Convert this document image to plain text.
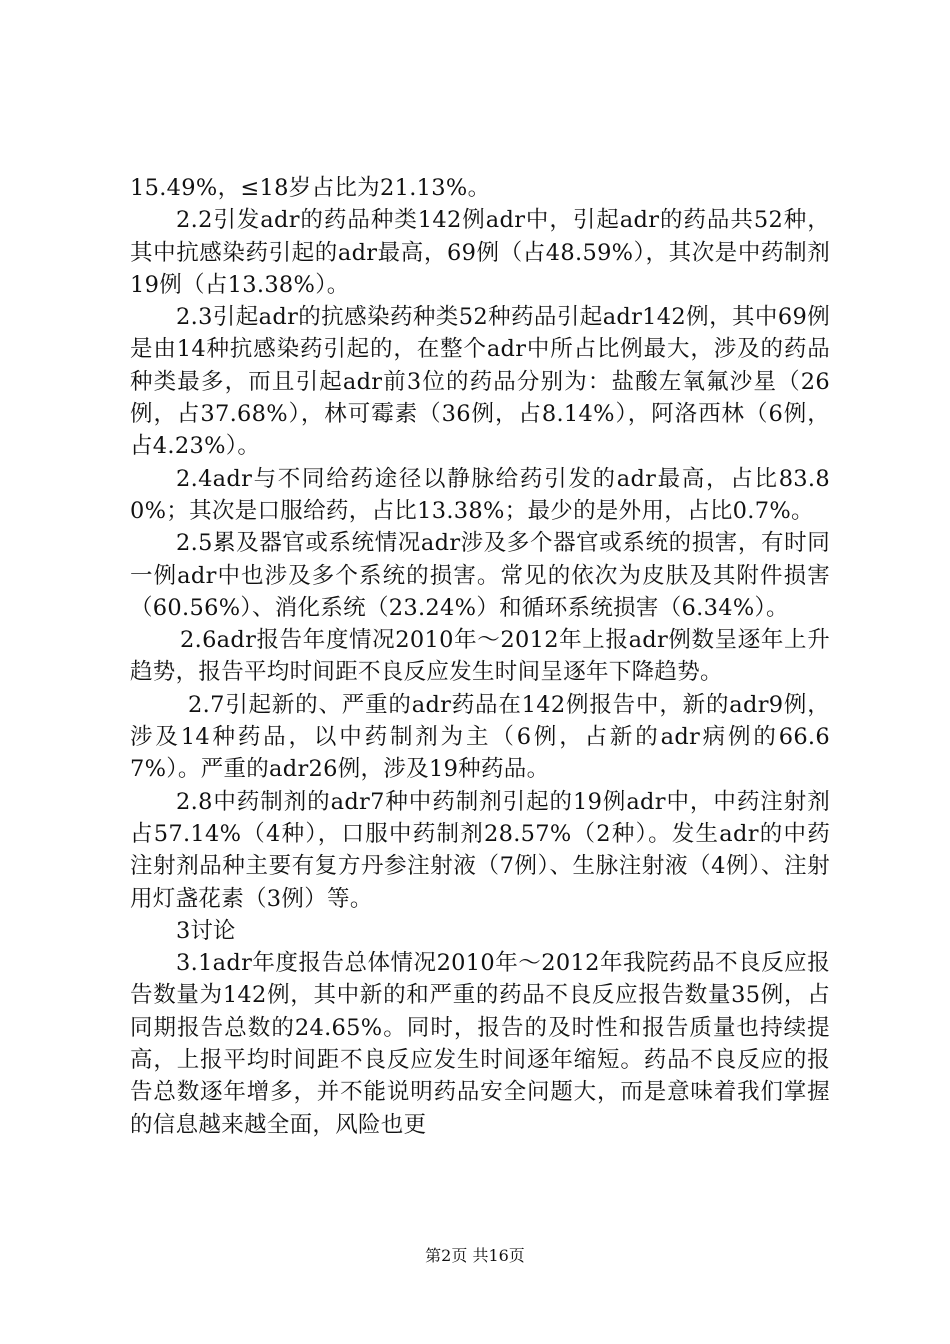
15.49%，≤18岁占比为21.13%。

2.2引发adr的药品种类142例adr中，引起adr的药品共52种，其中抗感染药引起的adr最高，69例（占48.59%），其次是中药制剂19例（占13.38%）。

2.3引起adr的抗感染药种类52种药品引起adr142例，其中69例是由14种抗感染药引起的，在整个adr中所占比例最大，涉及的药品种类最多，而且引起adr前3位的药品分别为：盐酸左氧氟沙星（26例，占37.68%），林可霉素（36例，占8.14%），阿洛西林（6例，占4.23%）。

2.4adr与不同给药途径以静脉给药引发的adr最高，占比83.80%；其次是口服给药，占比13.38%；最少的是外用，占比0.7%。

2.5累及器官或系统情况adr涉及多个器官或系统的损害，有时同一例adr中也涉及多个系统的损害。常见的依次为皮肤及其附件损害（60.56%）、消化系统（23.24%）和循环系统损害（6.34%）。

2.6adr报告年度情况2010年～2012年上报adr例数呈逐年上升趋势，报告平均时间距不良反应发生时间呈逐年下降趋势。

2.7引起新的、严重的adr药品在142例报告中，新的adr9例，涉及14种药品，以中药制剂为主（6例，占新的adr病例的66.67%）。严重的adr26例，涉及19种药品。

2.8中药制剂的adr7种中药制剂引起的19例adr中，中药注射剂占57.14%（4种），口服中药制剂28.57%（2种）。发生adr的中药注射剂品种主要有复方丹参注射液（7例）、生脉注射液（4例）、注射用灯盏花素（3例）等。

3讨论

3.1adr年度报告总体情况2010年～2012年我院药品不良反应报告数量为142例，其中新的和严重的药品不良反应报告数量35例，占同期报告总数的24.65%。同时，报告的及时性和报告质量也持续提高，上报平均时间距不良反应发生时间逐年缩短。药品不良反应的报告总数逐年增多，并不能说明药品安全问题大，而是意味着我们掌握的信息越来越全面，风险也更

第2页 共16页
